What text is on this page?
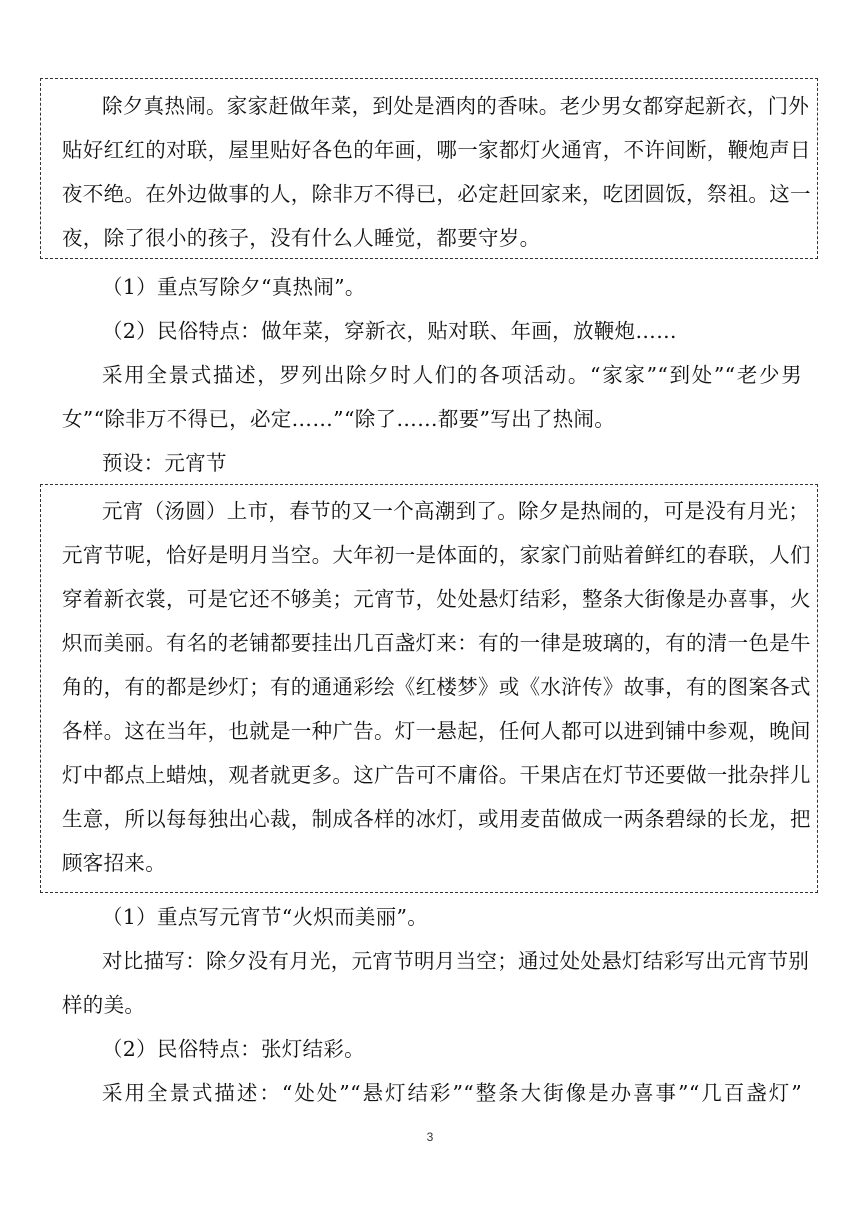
除夕真热闹。家家赶做年菜，到处是酒肉的香味。老少男女都穿起新衣，门外
贴好红红的对联，屋里贴好各色的年画，哪一家都灯火通宵，不许间断，鞭炮声日
夜不绝。在外边做事的人，除非万不得已，必定赶回家来，吃团圆饭，祭祖。这一
夜，除了很小的孩子，没有什么人睡觉，都要守岁。
（1）重点写除夕“真热闹”。
（2）民俗特点：做年菜，穿新衣，贴对联、年画，放鞭炮……
采用全景式描述，罗列出除夕时人们的各项活动。“家家”“到处”“老少男
女”“除非万不得已，必定……”“除了……都要”写出了热闹。
预设：元宵节
元宵（汤圆）上市，春节的又一个高潮到了。除夕是热闹的，可是没有月光；
元宵节呢，恰好是明月当空。大年初一是体面的，家家门前贴着鲜红的春联，人们
穿着新衣裳，可是它还不够美；元宵节，处处悬灯结彩，整条大街像是办喜事，火
炽而美丽。有名的老铺都要挂出几百盏灯来：有的一律是玻璃的，有的清一色是牛
角的，有的都是纱灯；有的通通彩绘《红楼梦》或《水浒传》故事，有的图案各式
各样。这在当年，也就是一种广告。灯一悬起，任何人都可以进到铺中参观，晚间
灯中都点上蜡烛，观者就更多。这广告可不庸俗。干果店在灯节还要做一批杂拌儿
生意，所以每每独出心裁，制成各样的冰灯，或用麦苗做成一两条碧绿的长龙，把
顾客招来。
（1）重点写元宵节“火炽而美丽”。
对比描写：除夕没有月光，元宵节明月当空；通过处处悬灯结彩写出元宵节别
样的美。
（2）民俗特点：张灯结彩。
采用全景式描述：“处处”“悬灯结彩”“整条大街像是办喜事”“几百盏灯”
3
